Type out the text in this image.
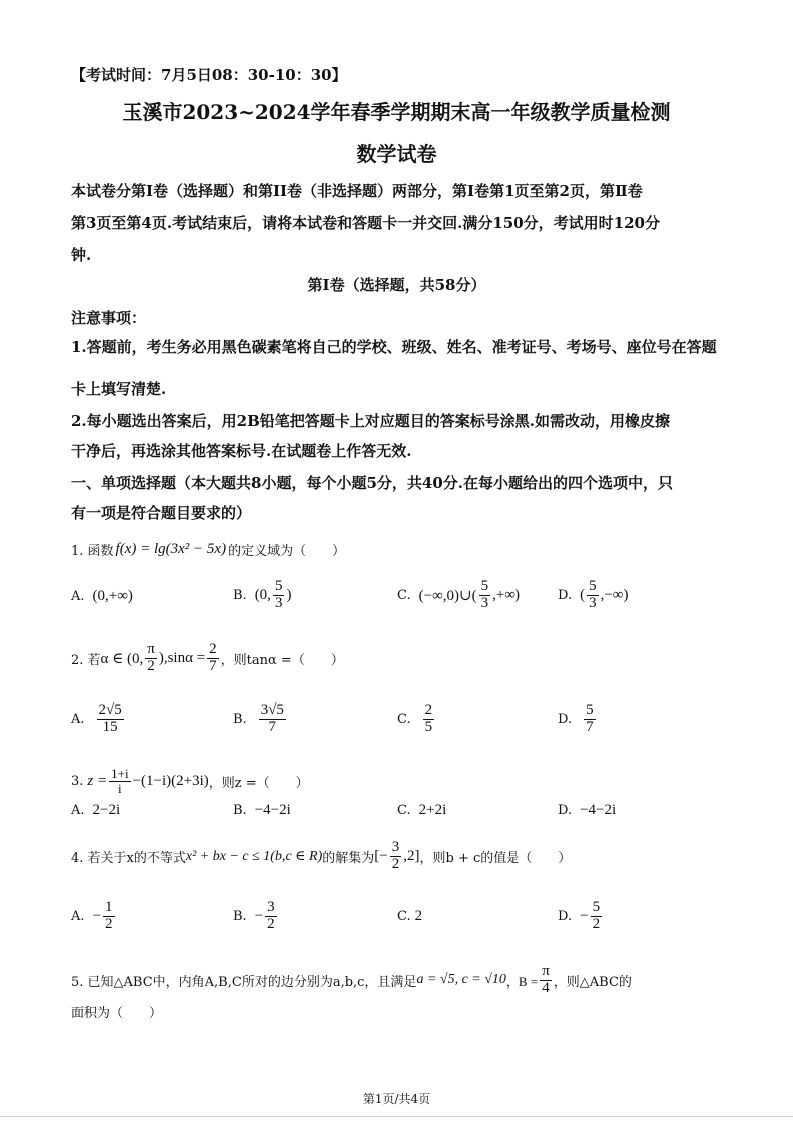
【考试时间：7月5日08：30-10：30】
玉溪市2023~2024学年春季学期期末高一年级教学质量检测
数学试卷
本试卷分第I卷（选择题）和第II卷（非选择题）两部分，第I卷第1页至第2页，第Ⅱ卷
第3页至第4页.考试结束后，请将本试卷和答题卡一并交回.满分150分，考试用时120分
钟.
第I卷（选择题，共58分）
注意事项：
1.答题前，考生务必用黑色碳素笔将自己的学校、班级、姓名、准考证号、考场号、座位号在答题
卡上填写清楚.
2.每小题选出答案后，用2B铅笔把答题卡上对应题目的答案标号涂黑.如需改动，用橡皮擦
干净后，再选涂其他答案标号.在试题卷上作答无效.
一、单项选择题（本大题共8小题，每个小题5分，共40分.在每小题给出的四个选项中，只
有一项是符合题目要求的）
1. 函数 f(x) = lg(3x² − 5x) 的定义域为（　　）
A. (0,+∞)	B. (0, $\frac{5}{3}$ )	C. (−∞,0)∪( $\frac{5}{3}$ ,+∞)	D. ( $\frac{5}{3}$ ,−∞)
2. 若 α ∈ (0, $\frac{\pi}{2} ),\sin\alpha = \frac{2}{7}$ ，则tanα =（　　）
A. $\frac{2√5}{15}$	B. $\frac{3√5}{7}$	C. $\frac{2}{5}$	D. $\frac{5}{7}$
3. $z = \frac{1+i}{i} -(1-i)(2+3i)$ ，则z =（　　）
A. 2−2i	B. −4−2i	C. 2+2i	D. −4−2i
4. 若关于x的不等式 x² + bx − c ≤ 1(b,c ∈ R) 的解集为 [− $\frac{3}{2} ,2$] ，则b + c的值是（　　）
A. − $\frac{1}{2}$	B. − $\frac{3}{2}$	C. 2	D. − $\frac{5}{2}$
5. 已知△ABC中，内角A,B,C所对的边分别为a,b,c，且满足 a = √5, c = √10 ，$B = \frac{\pi}{4}$ ，则△ABC的
面积为（　　）
第1页/共4页
